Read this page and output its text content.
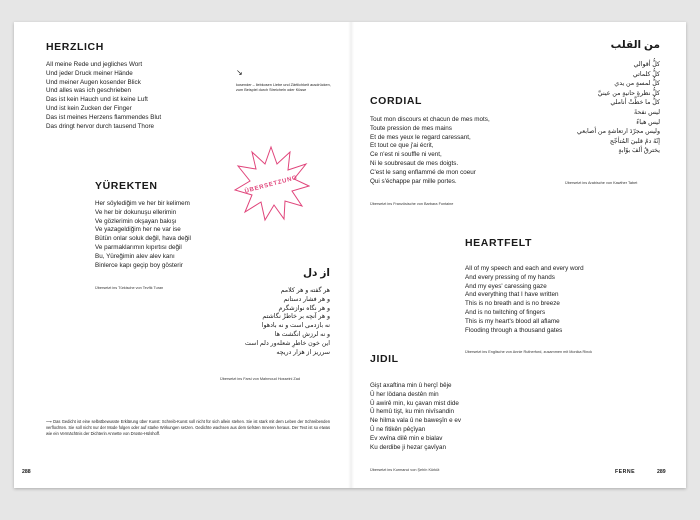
HERZLICH
All meine Rede und jegliches Wort
Und jeder Druck meiner Hände
Und meiner Augen kosender Blick
Und alles was ich geschrieben
Das ist kein Hauch und ist keine Luft
Und ist kein Zucken der Finger
Das ist meines Herzens flammendes Blut
Das dringt hervor durch tausend Thore
↘
kosender – liebkosen Liebe und Zärtlichkeit ausdrücken, zum Beispiel durch Streicheln oder Küsse
ÜBERSETZUNG
YÜREKTEN
Her söylediğim ve her bir kelimem
Ve her bir dokunuşu ellerimin
Ve gözlerimin okşayan bakışı
Ve yazageldiğim her ne var ise
Bütün onlar soluk değil, hava değil
Ve parmaklarımın kıpırtısı değil
Bu, Yüreğimin alev alev kanı
Binlerce kapı geçip boy gösterir
Übersetzt ins Türkische von Tevfik Turan
از دل
هر گفته و هر کلامم
و هر فشار دستانم
و هر نگاه نوازشگرم
و هر آنچه بر خاطرْ نگاشتم
نه بازدمی است و نه بادهوا
و نه لرزش انگشت ها
این خون خاطرِ شعله‌ور دلم است
سرریز از هزار دریچه
Übersetzt ins Farsi von Mahmoud Hosseini Zad
⟶ Das Gedicht ist eine selbstbewusste Erklärung über Kunst: Schreib-Kunst soll nicht für sich allein stehen. Sie ist stark mit dem Leben der Schreibenden verflochten. Sie soll nicht nur der Mode folgen oder auf starke Wirkungen setzen. Gedichte wachsen aus dem tiefsten Inneren heraus. Der Text ist so etwas wie ein Vermächtnis der Dichterin Annette von Droste-Hülshoff.
288
من القلب
كلُّ أقوالي
كلُّ كلماتي
كلُّ لمسةٍ من يدي
كلُّ نظرةٍ حانيةٍ من عينيَّ
كلُّ ما خطَّتْ أناملي
ليس نفحةً
ليس هباءً
وليس مجرّدَ ارتعاشةٍ من أصابعي
إنّهُ دمُ قلبيَ المُتأجّج
يخترقُ ألفَ بوّابةٍ
Übersetzt ins Arabische von Kawther Tabet
CORDIAL
Tout mon discours et chacun de mes mots,
Toute pression de mes mains
Et de mes yeux le regard caressant,
Et tout ce que j'ai écrit,
Ce n'est ni souffle ni vent,
Ni le soubresaut de mes doigts.
C'est le sang enflammé de mon coeur
Qui s'échappe par mille portes.
Übersetzt ins Französische von Barbara Fontaine
HEARTFELT
All of my speech and each and every word
And every pressing of my hands
And my eyes' caressing gaze
And everything that I have written
This is no breath and is no breeze
And is no twitching of fingers
This is my heart's blood all aflame
Flooding through a thousand gates
Übersetzt ins Englische von Annie Rutherford, zusammen mit Monika Rinck
JIDIL
Gişt axaftina min û herçî bêje
Û her lödana destên min
Û awirê min, ku çavan mist dide
Û hemû tişt, ku min nivîsandin
Ne hilma vala û ne baweşîn e ev
Û ne fitikên pêçîyan
Ev xwîna dilê min e bialav
Ku derdibe ji hezar çavîyan
Übersetzt ins Kurmanci von Şehîn Kürküt	FERNE	289
